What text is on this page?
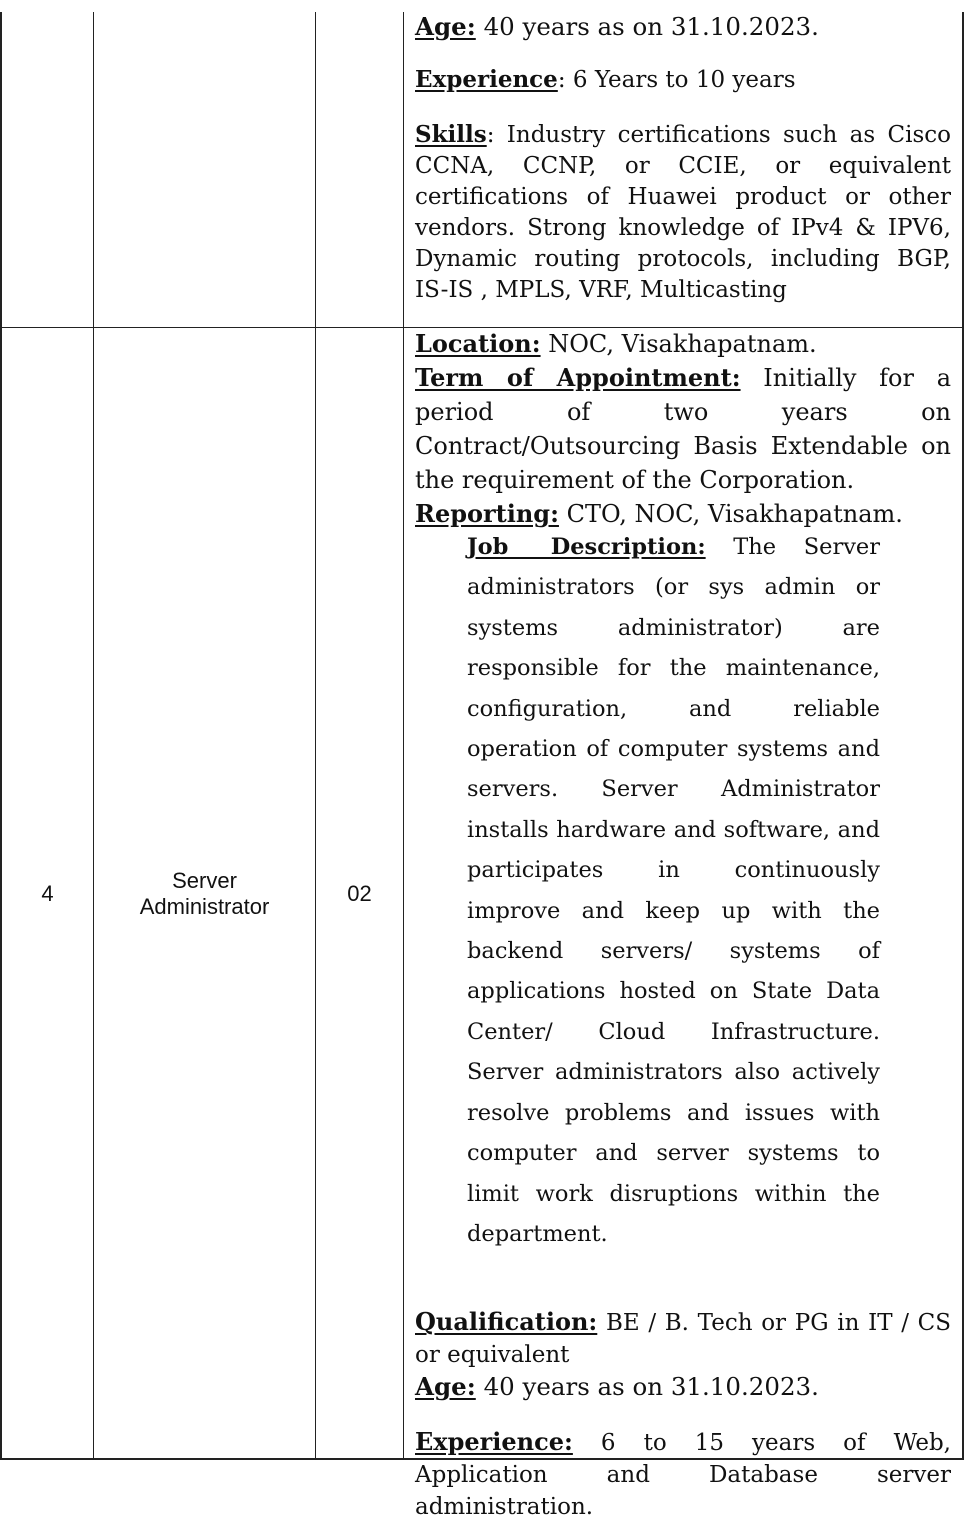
Age: 40 years as on 31.10.2023.

Experience: 6 Years to 10 years

Skills: Industry certifications such as Cisco CCNA, CCNP, or CCIE, or equivalent certifications of Huawei product or other vendors. Strong knowledge of IPv4 & IPV6, Dynamic routing protocols, including BGP, IS-IS , MPLS, VRF, Multicasting

4
Server
Administrator
02

Location: NOC, Visakhapatnam.

Term of Appointment: Initially for a period of two years on Contract/Outsourcing Basis Extendable on the requirement of the Corporation.

Reporting: CTO, NOC, Visakhapatnam.

Job Description: The Server administrators (or sys admin or systems administrator) are responsible for the maintenance, configuration, and reliable operation of computer systems and servers. Server Administrator installs hardware and software, and participates in continuously improve and keep up with the backend servers/ systems of applications hosted on State Data Center/ Cloud Infrastructure. Server administrators also actively resolve problems and issues with computer and server systems to limit work disruptions within the department.

Qualification: BE / B. Tech or PG in IT / CS or equivalent

Age: 40 years as on 31.10.2023.

Experience: 6 to 15 years of Web, Application and Database server administration.
